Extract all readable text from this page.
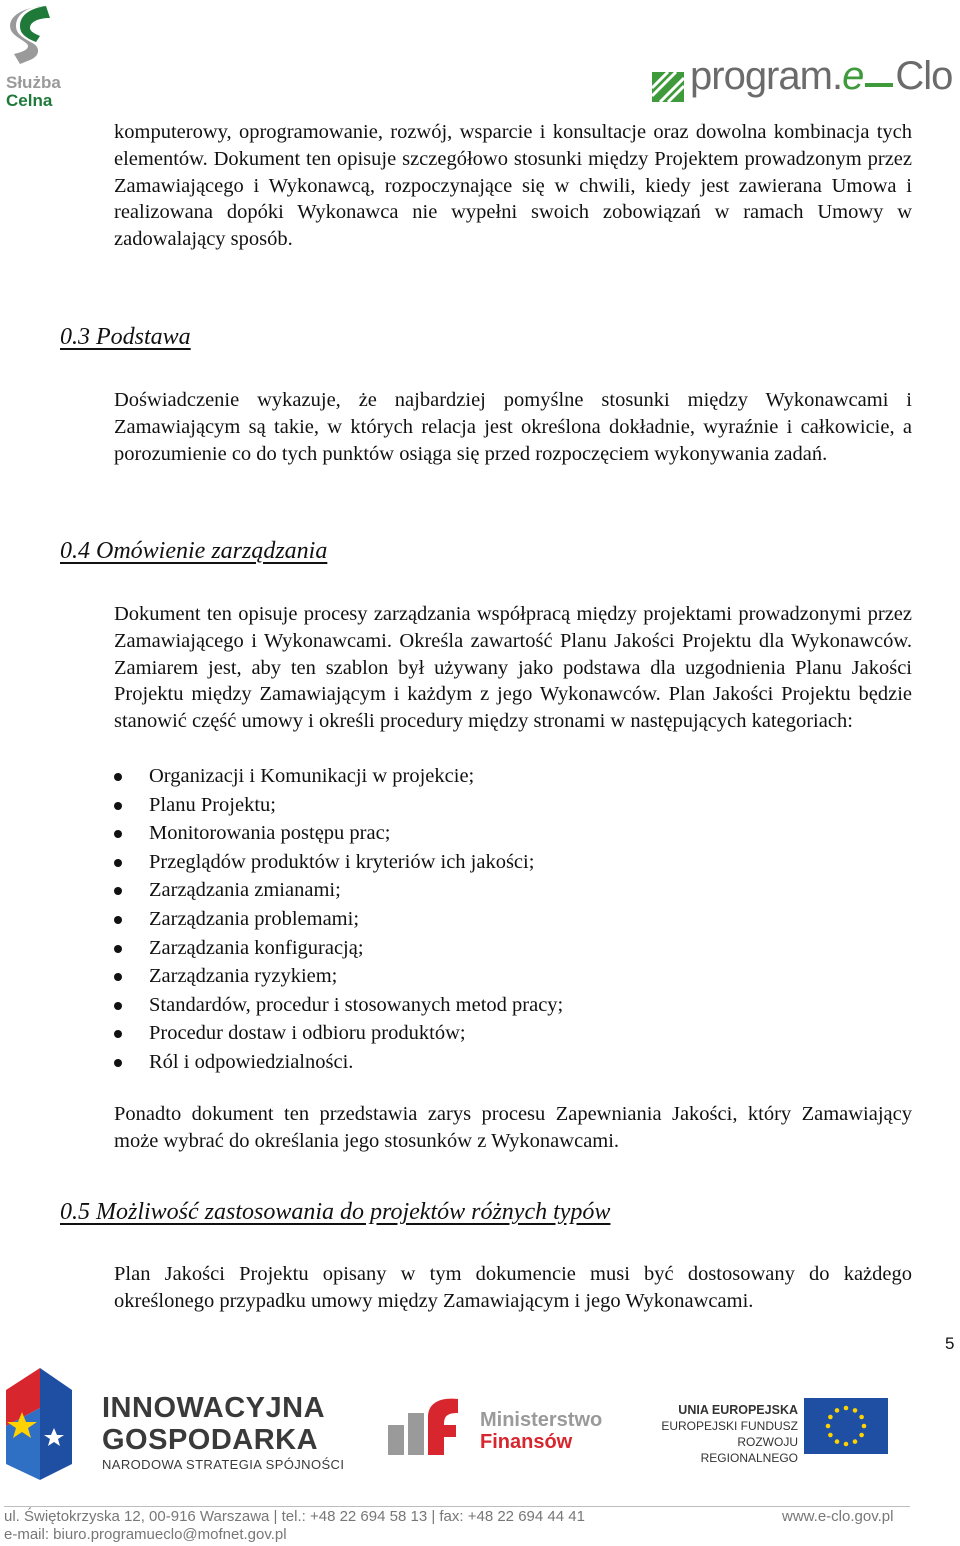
Służba
Celna
program.e Clo
komputerowy, oprogramowanie, rozwój, wsparcie i konsultacje oraz dowolna kombinacja tych elementów. Dokument ten opisuje szczegółowo stosunki między Projektem prowadzonym przez Zamawiającego i Wykonawcą, rozpoczynające się w chwili, kiedy jest zawierana Umowa i realizowana dopóki Wykonawca nie wypełni swoich zobowiązań w ramach Umowy w zadowalający sposób.
0.3 Podstawa
Doświadczenie wykazuje, że najbardziej pomyślne stosunki między Wykonawcami i Zamawiającym są takie, w których relacja jest określona dokładnie, wyraźnie i całkowicie, a porozumienie co do tych punktów osiąga się przed rozpoczęciem wykonywania zadań.
0.4 Omówienie zarządzania
Dokument ten opisuje procesy zarządzania współpracą między projektami prowadzonymi przez Zamawiającego i Wykonawcami. Określa zawartość Planu Jakości Projektu dla Wykonawców. Zamiarem jest, aby ten szablon był używany jako podstawa dla uzgodnienia Planu Jakości Projektu między Zamawiającym i każdym z jego Wykonawców. Plan Jakości Projektu będzie stanowić część umowy i określi procedury między stronami w następujących kategoriach:
Organizacji i Komunikacji w projekcie;
Planu Projektu;
Monitorowania postępu prac;
Przeglądów produktów i kryteriów ich jakości;
Zarządzania zmianami;
Zarządzania problemami;
Zarządzania konfiguracją;
Zarządzania ryzykiem;
Standardów, procedur i stosowanych metod pracy;
Procedur dostaw i odbioru produktów;
Ról i odpowiedzialności.
Ponadto dokument ten przedstawia zarys procesu Zapewniania Jakości, który Zamawiający może wybrać do określania jego stosunków z Wykonawcami.
0.5 Możliwość zastosowania do projektów różnych typów
Plan Jakości Projektu opisany w tym dokumencie musi być dostosowany do każdego określonego przypadku umowy między Zamawiającym i jego Wykonawcami.
5
INNOWACYJNA
GOSPODARKA
NARODOWA STRATEGIA SPÓJNOŚCI
Ministerstwo
Finansów
UNIA EUROPEJSKA
EUROPEJSKI FUNDUSZ
ROZWOJU REGIONALNEGO
ul. Świętokrzyska 12, 00-916 Warszawa | tel.: +48 22 694 58 13 | fax: +48 22 694 44 41
e-mail: biuro.programueclo@mofnet.gov.pl
www.e-clo.gov.pl
